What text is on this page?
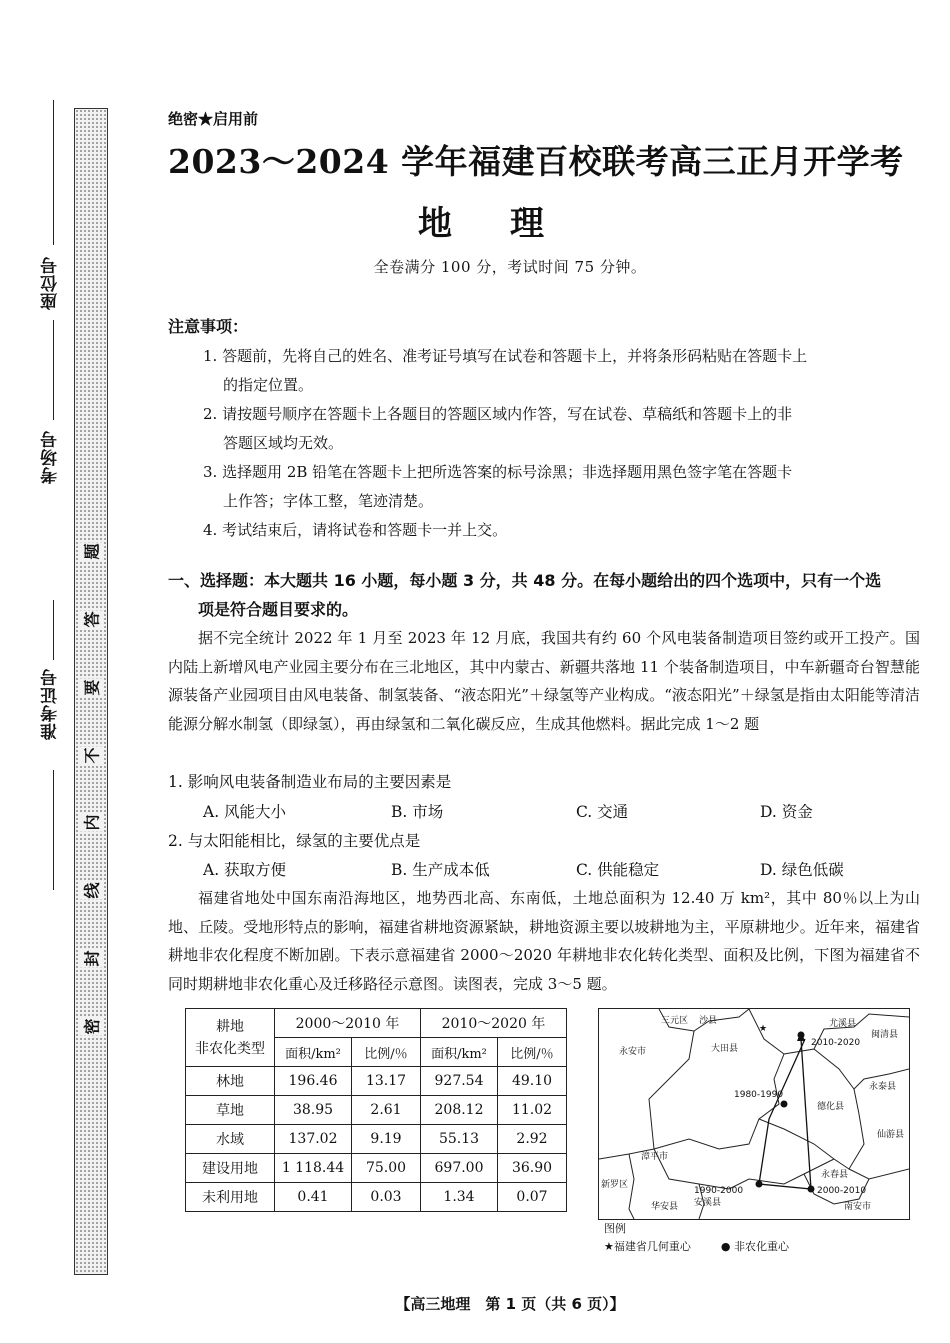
座位号
考场号
准考证号
题
答
要
不
内
线
封
密
绝密★启用前
2023～2024 学年福建百校联考高三正月开学考
地理
全卷满分 100 分，考试时间 75 分钟。
注意事项：
1. 答题前，先将自己的姓名、准考证号填写在试卷和答题卡上，并将条形码粘贴在答题卡上
的指定位置。
2. 请按题号顺序在答题卡上各题目的答题区域内作答，写在试卷、草稿纸和答题卡上的非
答题区域均无效。
3. 选择题用 2B 铅笔在答题卡上把所选答案的标号涂黑；非选择题用黑色签字笔在答题卡
上作答；字体工整，笔迹清楚。
4. 考试结束后，请将试卷和答题卡一并上交。
一、选择题：本大题共 16 小题，每小题 3 分，共 48 分。在每小题给出的四个选项中，只有一个选
项是符合题目要求的。
据不完全统计 2022 年 1 月至 2023 年 12 月底，我国共有约 60 个风电装备制造项目签约或开工投产。国内陆上新增风电产业园主要分布在三北地区，其中内蒙古、新疆共落地 11 个装备制造项目，中车新疆奇台智慧能源装备产业园项目由风电装备、制氢装备、“液态阳光”＋绿氢等产业构成。“液态阳光”＋绿氢是指由太阳能等清洁能源分解水制氢（即绿氢），再由绿氢和二氧化碳反应，生成其他燃料。据此完成 1～2 题
1. 影响风电装备制造业布局的主要因素是
A. 风能大小	B. 市场	C. 交通	D. 资金
2. 与太阳能相比，绿氢的主要优点是
A. 获取方便	B. 生产成本低	C. 供能稳定	D. 绿色低碳
福建省地处中国东南沿海地区，地势西北高、东南低，土地总面积为 12.40 万 km²，其中 80％以上为山地、丘陵。受地形特点的影响，福建省耕地资源紧缺，耕地资源主要以坡耕地为主，平原耕地少。近年来，福建省耕地非农化程度不断加剧。下表示意福建省 2000～2020 年耕地非农化转化类型、面积及比例，下图为福建省不同时期耕地非农化重心及迁移路径示意图。读图表，完成 3～5 题。
耕地
非农化类型	2000～2010 年		2010～2020 年	
	面积/km²	比例/％	面积/km²	比例/％
林地	196.46	13.17	927.54	49.10
草地	38.95	2.61	208.12	11.02
水域	137.02	9.19	55.13	2.92
建设用地	1 118.44	75.00	697.00	36.90
未利用地	0.41	0.03	1.34	0.07
★
三元区 沙县	尤溪县
闽清县
永安市	大田县
永泰县
德化县
仙游县
漳平市
新罗区
永春县
华安县 安溪县	南安市
2010-2020
1980-1990
1990-2000	2000-2010
图例
★福建省几何重心	● 非农化重心
【高三地理　第 1 页（共 6 页）】
